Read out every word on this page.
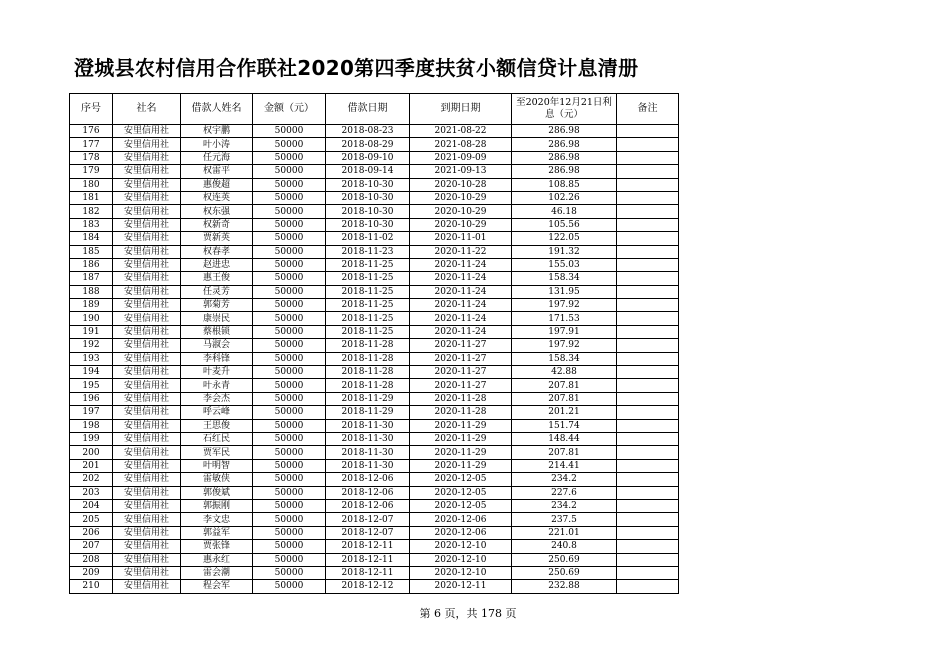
澄城县农村信用合作联社2020第四季度扶贫小额信贷计息清册
序号	社名	借款人姓名	金额（元）	借款日期	到期日期	至2020年12月21日利息（元）	备注
176	安里信用社	权宇鹏	50000	2018-08-23	2021-08-22	286.98	
177	安里信用社	叶小涛	50000	2018-08-29	2021-08-28	286.98	
178	安里信用社	任元海	50000	2018-09-10	2021-09-09	286.98	
179	安里信用社	权雷平	50000	2018-09-14	2021-09-13	286.98	
180	安里信用社	惠俊超	50000	2018-10-30	2020-10-28	108.85	
181	安里信用社	权连英	50000	2018-10-30	2020-10-29	102.26	
182	安里信用社	权东强	50000	2018-10-30	2020-10-29	46.18	
183	安里信用社	权新奇	50000	2018-10-30	2020-10-29	105.56	
184	安里信用社	贾新英	50000	2018-11-02	2020-11-01	122.05	
185	安里信用社	权春孝	50000	2018-11-23	2020-11-22	191.32	
186	安里信用社	赵进忠	50000	2018-11-25	2020-11-24	155.03	
187	安里信用社	惠王俊	50000	2018-11-25	2020-11-24	158.34	
188	安里信用社	任灵芳	50000	2018-11-25	2020-11-24	131.95	
189	安里信用社	郭菊芳	50000	2018-11-25	2020-11-24	197.92	
190	安里信用社	康崇民	50000	2018-11-25	2020-11-24	171.53	
191	安里信用社	蔡根锁	50000	2018-11-25	2020-11-24	197.91	
192	安里信用社	马淑会	50000	2018-11-28	2020-11-27	197.92	
193	安里信用社	李科锋	50000	2018-11-28	2020-11-27	158.34	
194	安里信用社	叶麦升	50000	2018-11-28	2020-11-27	42.88	
195	安里信用社	叶永青	50000	2018-11-28	2020-11-27	207.81	
196	安里信用社	李会杰	50000	2018-11-29	2020-11-28	207.81	
197	安里信用社	呼云峰	50000	2018-11-29	2020-11-28	201.21	
198	安里信用社	王思俊	50000	2018-11-30	2020-11-29	151.74	
199	安里信用社	石红民	50000	2018-11-30	2020-11-29	148.44	
200	安里信用社	贾军民	50000	2018-11-30	2020-11-29	207.81	
201	安里信用社	叶明智	50000	2018-11-30	2020-11-29	214.41	
202	安里信用社	雷敏侠	50000	2018-12-06	2020-12-05	234.2	
203	安里信用社	郭俊斌	50000	2018-12-06	2020-12-05	227.6	
204	安里信用社	郭振刚	50000	2018-12-06	2020-12-05	234.2	
205	安里信用社	李文忠	50000	2018-12-07	2020-12-06	237.5	
206	安里信用社	郭益军	50000	2018-12-07	2020-12-06	221.01	
207	安里信用社	贾张锋	50000	2018-12-11	2020-12-10	240.8	
208	安里信用社	惠永红	50000	2018-12-11	2020-12-10	250.69	
209	安里信用社	雷会潮	50000	2018-12-11	2020-12-10	250.69	
210	安里信用社	程会军	50000	2018-12-12	2020-12-11	232.88	
第 6 页，共 178 页
